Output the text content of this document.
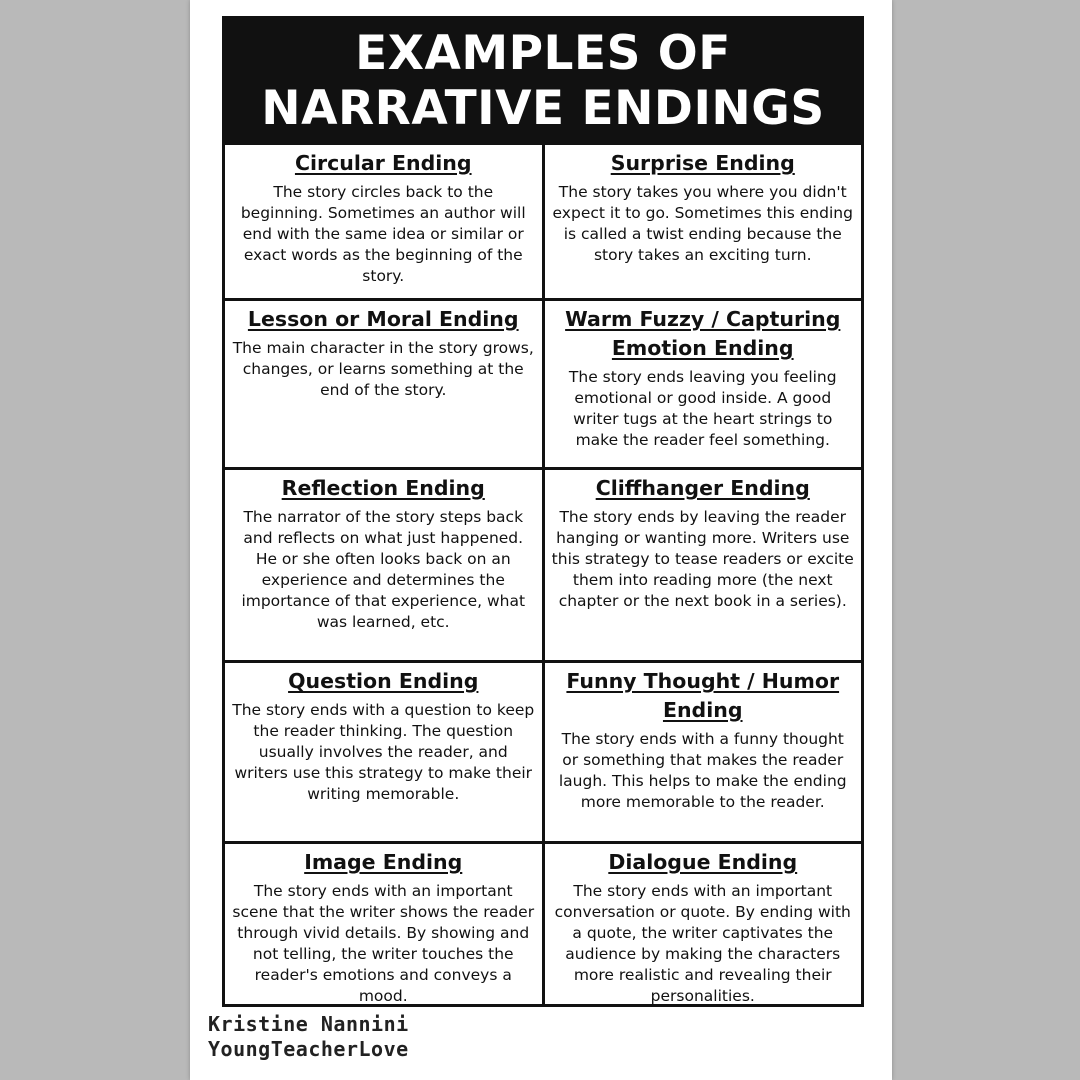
EXAMPLES OF
NARRATIVE ENDINGS
Circular Ending

The story circles back to the beginning. Sometimes an author will end with the same idea or similar or exact words as the beginning of the story.

Surprise Ending

The story takes you where you didn't expect it to go. Sometimes this ending is called a twist ending because the story takes an exciting turn.

Lesson or Moral Ending

The main character in the story grows, changes, or learns something at the end of the story.

Warm Fuzzy / Capturing Emotion Ending

The story ends leaving you feeling emotional or good inside. A good writer tugs at the heart strings to make the reader feel something.

Reflection Ending

The narrator of the story steps back and reflects on what just happened. He or she often looks back on an experience and determines the importance of that experience, what was learned, etc.

Cliffhanger Ending

The story ends by leaving the reader hanging or wanting more. Writers use this strategy to tease readers or excite them into reading more (the next chapter or the next book in a series).

Question Ending

The story ends with a question to keep the reader thinking. The question usually involves the reader, and writers use this strategy to make their writing memorable.

Funny Thought / Humor Ending

The story ends with a funny thought or something that makes the reader laugh. This helps to make the ending more memorable to the reader.

Image Ending

The story ends with an important scene that the writer shows the reader through vivid details. By showing and not telling, the writer touches the reader's emotions and conveys a mood.

Dialogue Ending

The story ends with an important conversation or quote. By ending with a quote, the writer captivates the audience by making the characters more realistic and revealing their personalities.

Kristine Nannini
YoungTeacherLove
